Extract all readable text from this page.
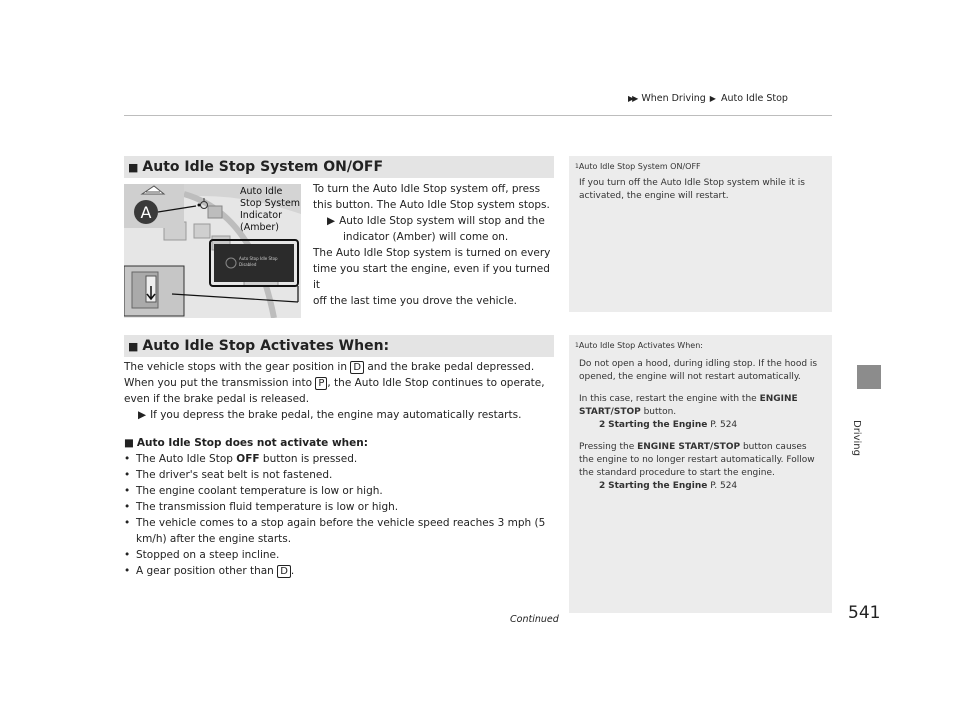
▶▶ When Driving ▶ Auto Idle Stop
Driving
■ Auto Idle Stop System ON/OFF
Auto Stop Idle Stop
Disabled
A
Auto Idle
Stop System
Indicator
(Amber)
To turn the Auto Idle Stop system off, press
this button. The Auto Idle Stop system stops.
▶ Auto Idle Stop system will stop and the
indicator (Amber) will come on.
The Auto Idle Stop system is turned on every
time you start the engine, even if you turned it
off the last time you drove the vehicle.
$^1$Auto Idle Stop System ON/OFF

If you turn off the Auto Idle Stop system while it is
activated, the engine will restart.

■ Auto Idle Stop Activates When:
The vehicle stops with the gear position in D and the brake pedal depressed.
When you put the transmission into P , the Auto Idle Stop continues to operate,
even if the brake pedal is released.
▶ If you depress the brake pedal, the engine may automatically restarts.
■ Auto Idle Stop does not activate when:
• The Auto Idle Stop OFF button is pressed.
• The driver's seat belt is not fastened.
• The engine coolant temperature is low or high.
• The transmission fluid temperature is low or high.
• The vehicle comes to a stop again before the vehicle speed reaches 3 mph (5
km/h) after the engine starts.
• Stopped on a steep incline.
• A gear position other than D .
$^1$Auto Idle Stop Activates When:

Do not open a hood, during idling stop. If the hood is
opened, the engine will not restart automatically.

In this case, restart the engine with the ENGINE
START/STOP button.

2 Starting the Engine P. 524

Pressing the ENGINE START/STOP button causes
the engine to no longer restart automatically. Follow
the standard procedure to start the engine.

2 Starting the Engine P. 524
Continued	541
